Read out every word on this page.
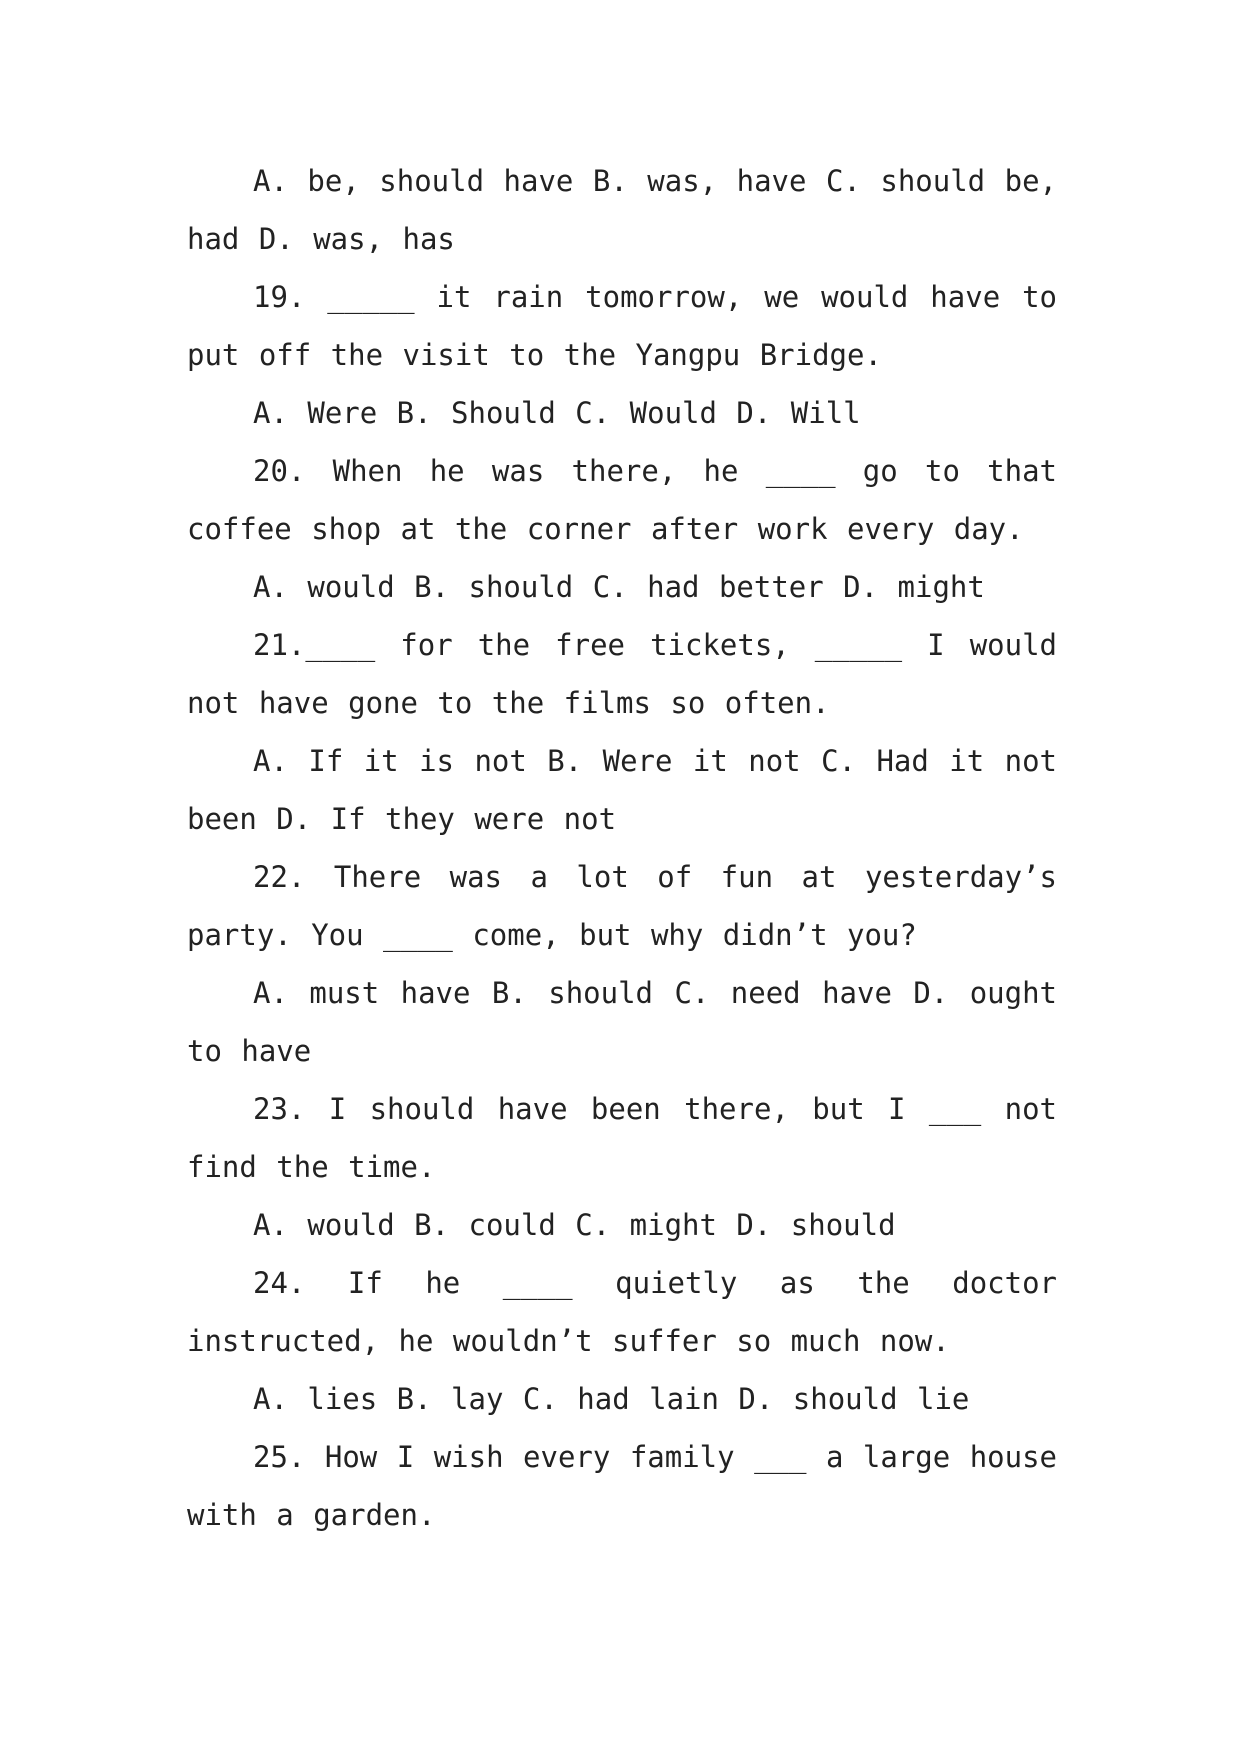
A. be, should have B. was, have C. should be, had D. was, has

19. _____ it rain tomorrow, we would have to put off the visit to the Yangpu Bridge.

A. Were B. Should C. Would D. Will

20. When he was there, he ____ go to that coffee shop at the corner after work every day.

A. would B. should C. had better D. might

21.____ for the free tickets, _____ I would not have gone to the films so often.

A. If it is not B. Were it not C. Had it not been D. If they were not

22. There was a lot of fun at yesterday’s party. You ____ come, but why didn’t you?

A. must have B. should C. need have D. ought to have

23. I should have been there, but I ___ not find the time.

A. would B. could C. might D. should

24. If he ____ quietly as the doctor instructed, he wouldn’t suffer so much now.

A. lies B. lay C. had lain D. should lie

25. How I wish every family ___ a large house with a garden.
